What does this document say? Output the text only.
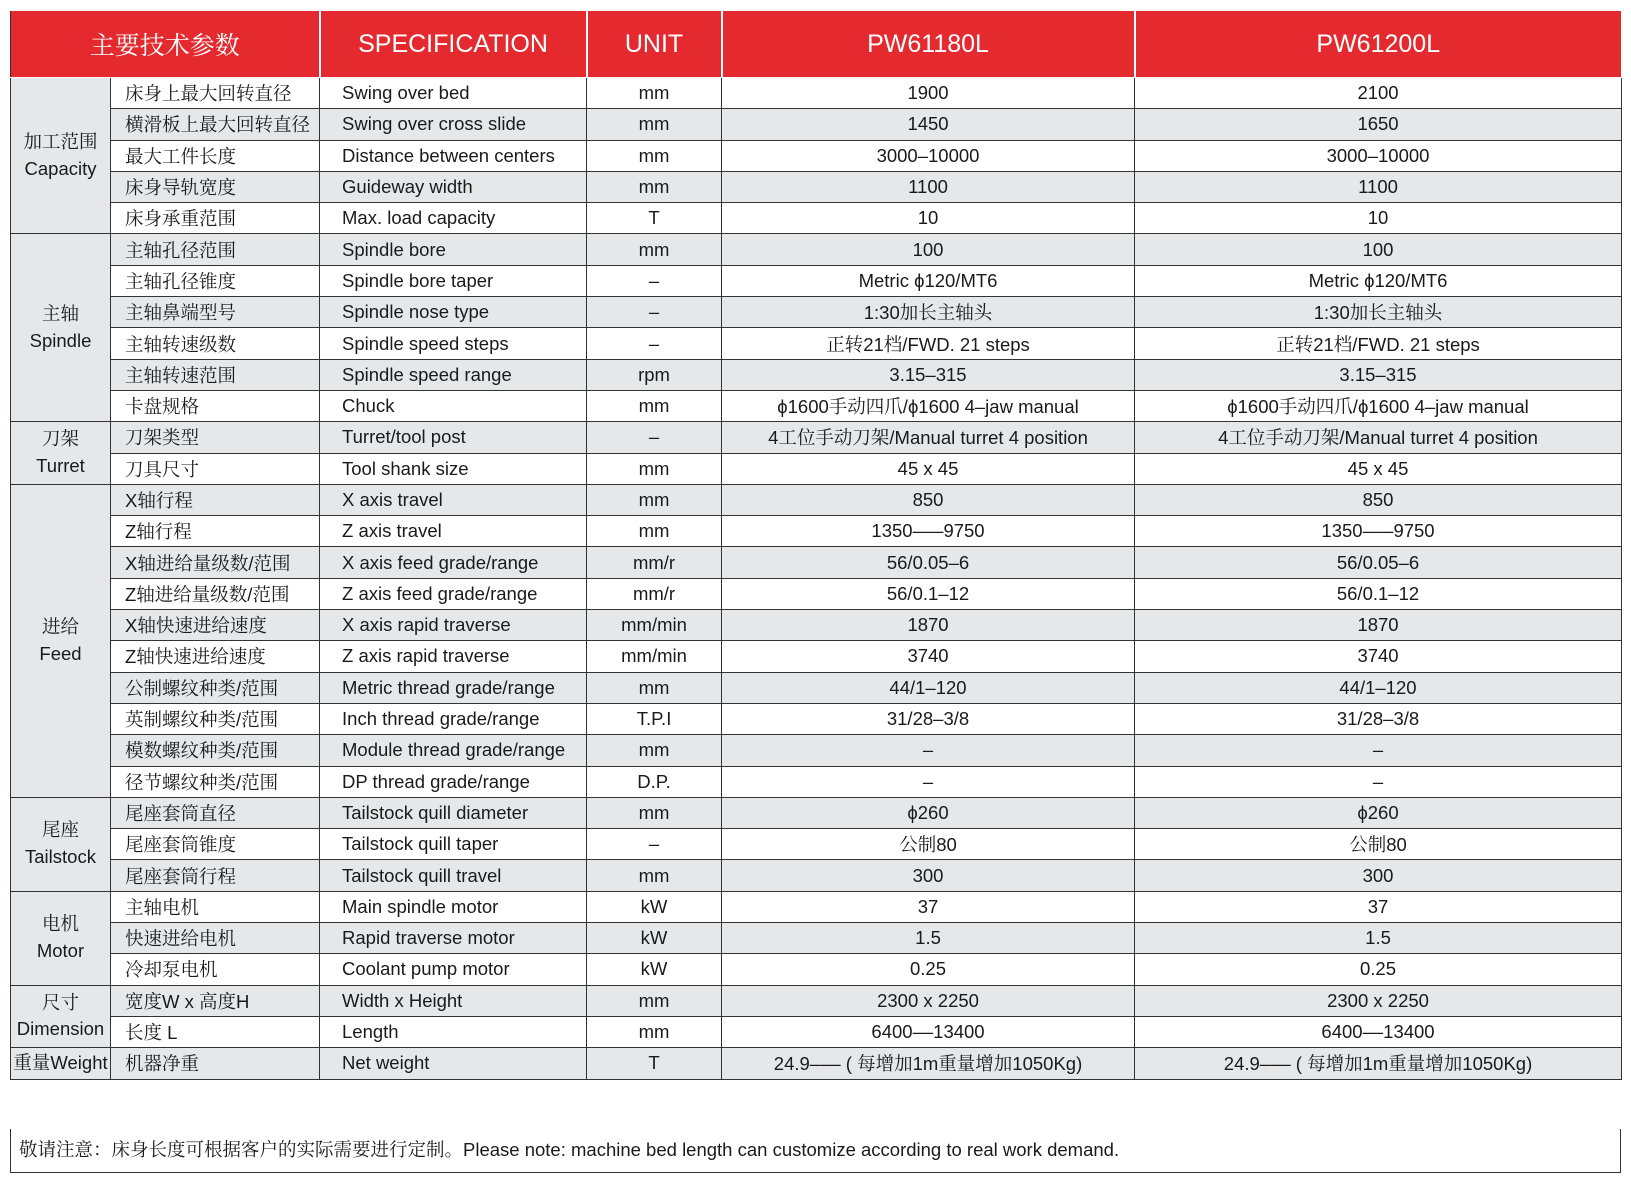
主要技术参数		SPECIFICATION	UNIT	PW61180L	PW61200L

加工范围
Capacity	床身上最大回转直径	Swing over bed	mm	1900	2100
	横滑板上最大回转直径	Swing over cross slide	mm	1450	1650
	最大工件长度	Distance between centers	mm	3000–10000	3000–10000
	床身导轨宽度	Guideway width	mm	1100	1100
	床身承重范围	Max. load capacity	T	10	10

主轴
Spindle	主轴孔径范围	Spindle bore	mm	100	100
	主轴孔径锥度	Spindle bore taper	–	Metric ϕ120/MT6	Metric ϕ120/MT6
	主轴鼻端型号	Spindle nose type	–	1:30加长主轴头	1:30加长主轴头
	主轴转速级数	Spindle speed steps	–	正转21档/FWD. 21 steps	正转21档/FWD. 21 steps
	主轴转速范围	Spindle speed range	rpm	3.15–315	3.15–315
	卡盘规格	Chuck	mm	ϕ1600手动四爪/ϕ1600 4–jaw manual	ϕ1600手动四爪/ϕ1600 4–jaw manual

刀架
Turret	刀架类型	Turret/tool post	–	4工位手动刀架/Manual turret 4 position	4工位手动刀架/Manual turret 4 position
	刀具尺寸	Tool shank size	mm	45 x 45	45 x 45

进给
Feed	X轴行程	X axis travel	mm	850	850
	Z轴行程	Z axis travel	mm	1350–––9750	1350–––9750
	X轴进给量级数/范围	X axis feed grade/range	mm/r	56/0.05–6	56/0.05–6
	Z轴进给量级数/范围	Z axis feed grade/range	mm/r	56/0.1–12	56/0.1–12
	X轴快速进给速度	X axis rapid traverse	mm/min	1870	1870
	Z轴快速进给速度	Z axis rapid traverse	mm/min	3740	3740
	公制螺纹种类/范围	Metric thread grade/range	mm	44/1–120	44/1–120
	英制螺纹种类/范围	Inch thread grade/range	T.P.I	31/28–3/8	31/28–3/8
	模数螺纹种类/范围	Module thread grade/range	mm	–	–
	径节螺纹种类/范围	DP thread grade/range	D.P.	–	–

尾座
Tailstock	尾座套筒直径	Tailstock quill diameter	mm	ϕ260	ϕ260
	尾座套筒锥度	Tailstock quill taper	–	公制80	公制80
	尾座套筒行程	Tailstock quill travel	mm	300	300

电机
Motor	主轴电机	Main spindle motor	kW	37	37
	快速进给电机	Rapid traverse motor	kW	1.5	1.5
	冷却泵电机	Coolant pump motor	kW	0.25	0.25

尺寸
Dimension	宽度W x 高度H	Width x Height	mm	2300 x 2250	2300 x 2250
	长度 L	Length	mm	6400––13400	6400––13400

重量Weight	机器净重	Net weight	T	24.9––– ( 每增加1m重量增加1050Kg)	24.9––– ( 每增加1m重量增加1050Kg)
敬请注意：床身长度可根据客户的实际需要进行定制。Please note: machine bed length can customize according to real work demand.
